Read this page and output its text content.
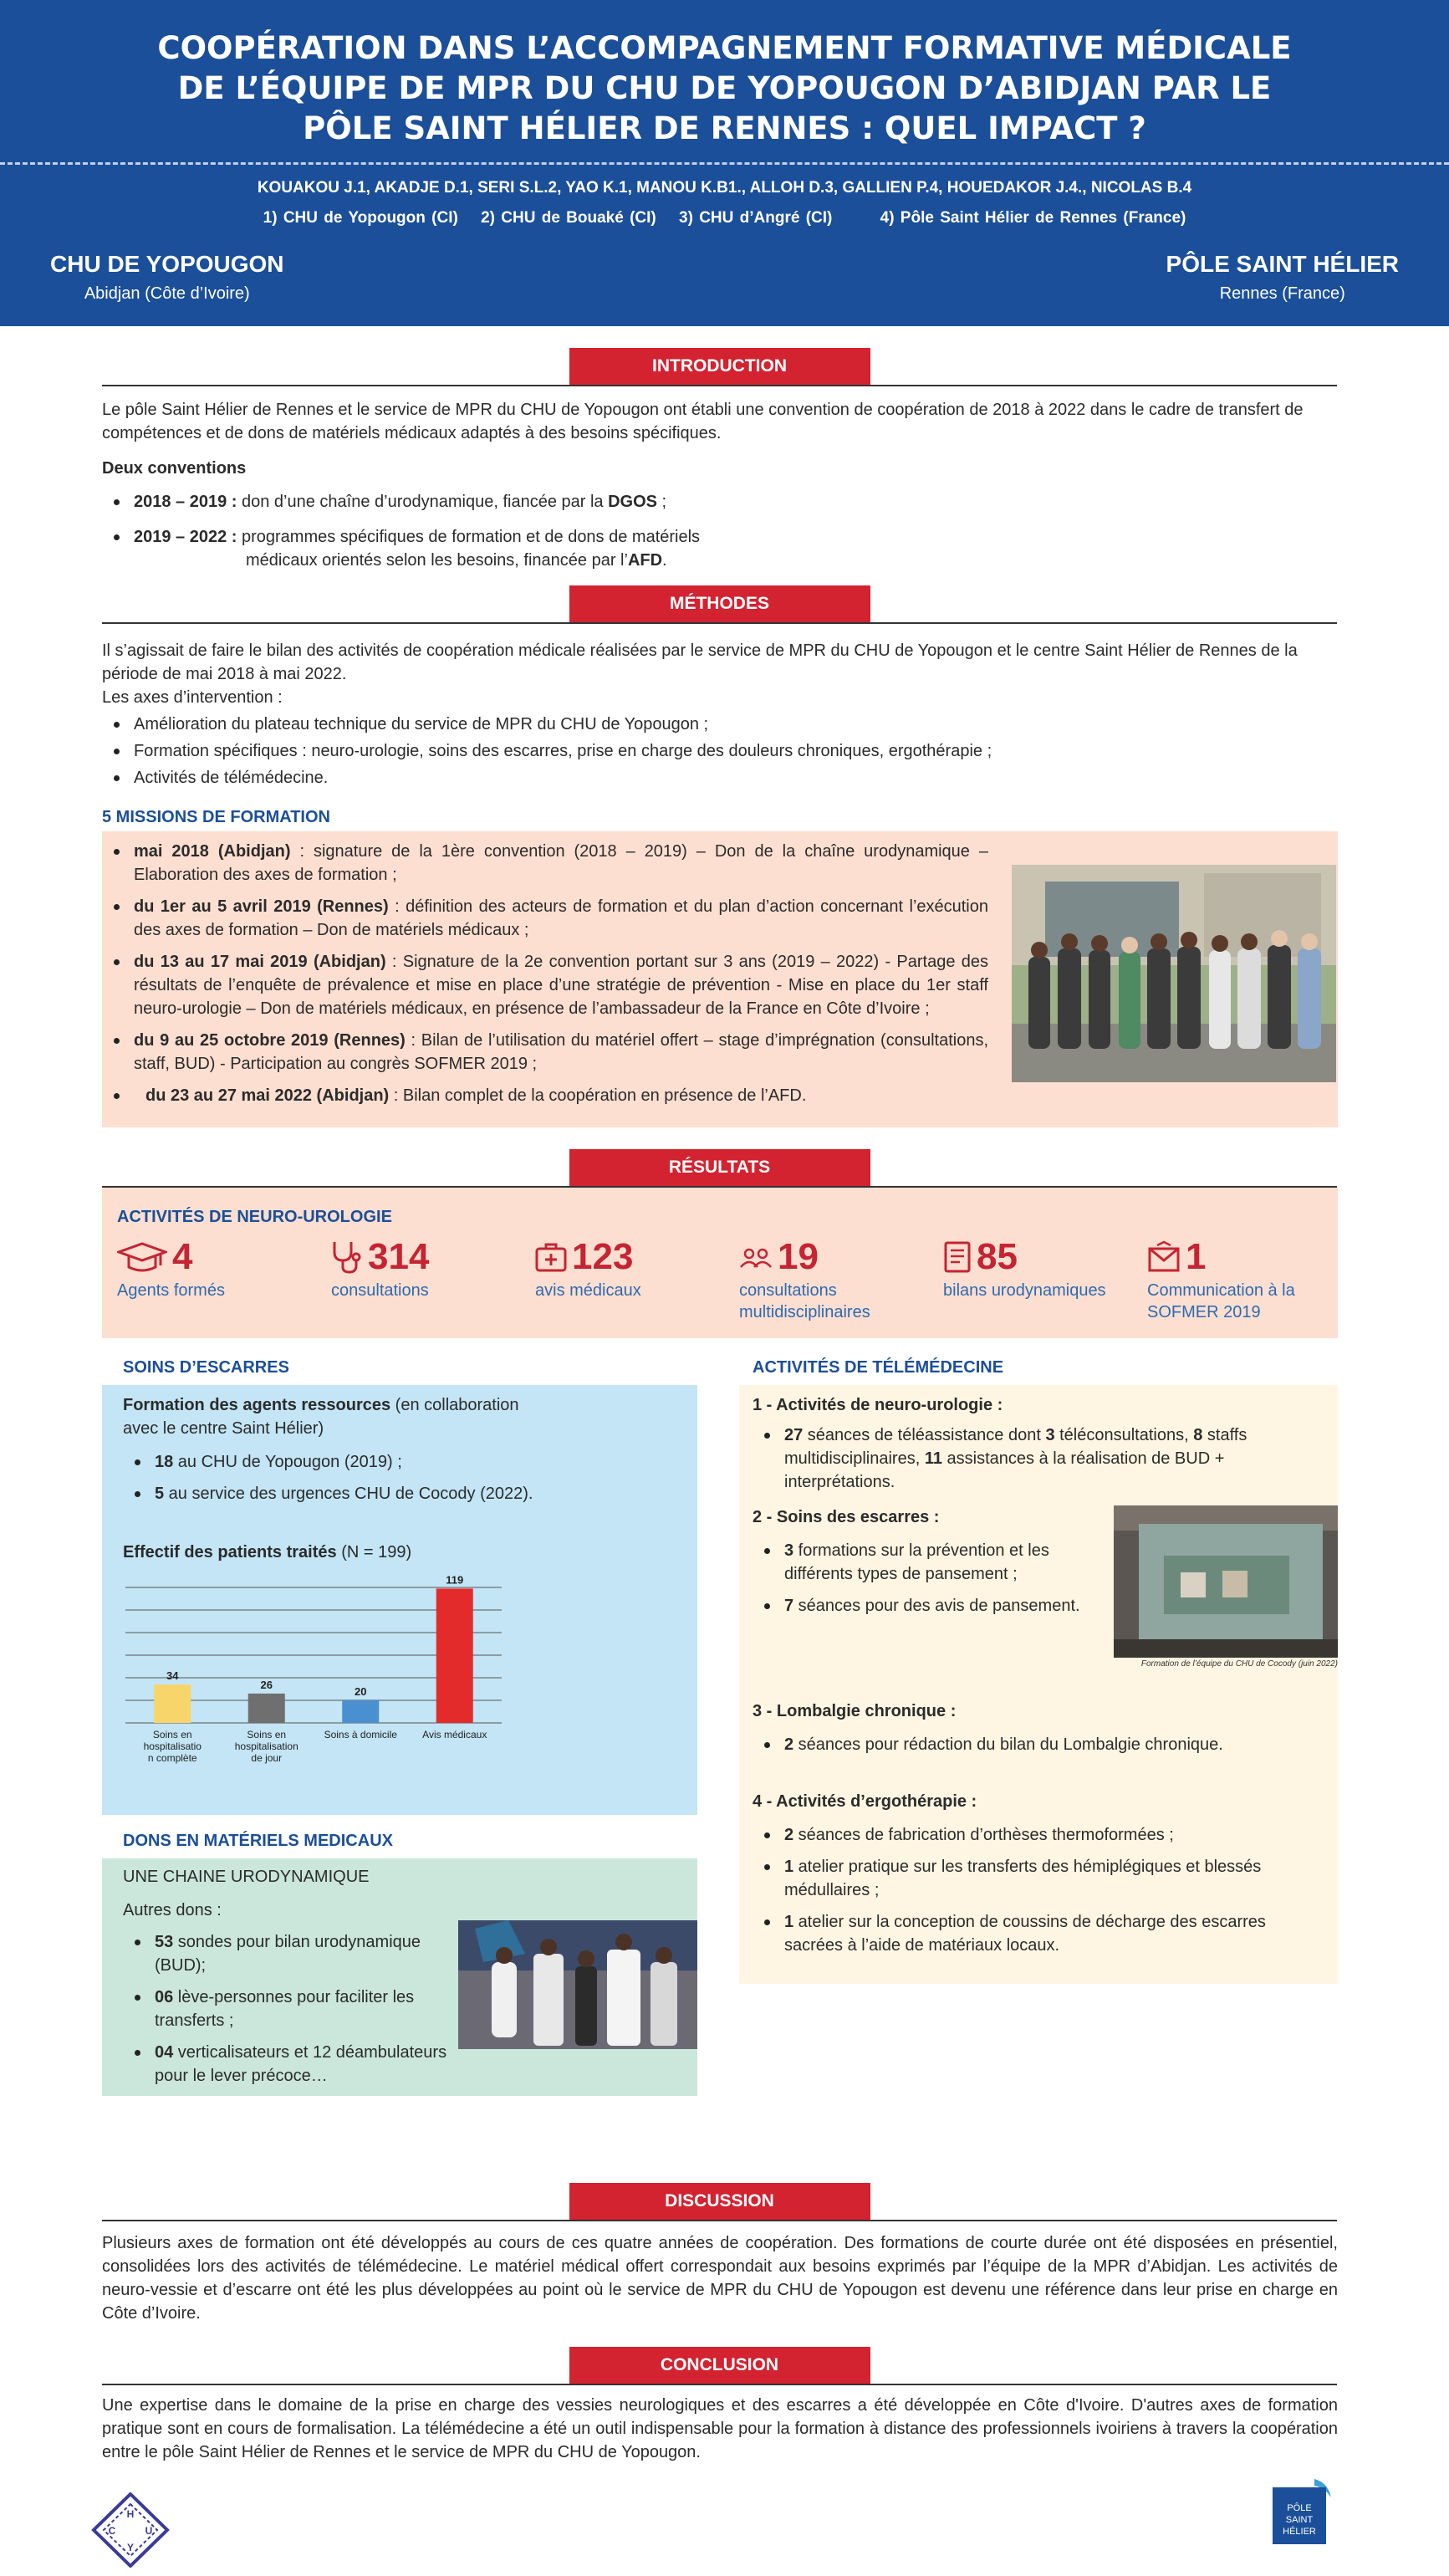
COOPÉRATION DANS L’ACCOMPAGNEMENT FORMATIVE MÉDICALE
DE L’ÉQUIPE DE MPR DU CHU DE YOPOUGON D’ABIDJAN PAR LE
PÔLE SAINT HÉLIER DE RENNES : QUEL IMPACT ?
KOUAKOU J.1, AKADJE D.1, SERI S.L.2, YAO K.1, MANOU K.B1., ALLOH D.3, GALLIEN P.4, HOUEDAKOR J.4., NICOLAS B.4
1) CHU de Yopougon (CI) 2) CHU de Bouaké (CI) 3) CHU d’Angré (CI)	4) Pôle Saint Hélier de Rennes (France)
CHU DE YOPOUGON
Abidjan (Côte d’Ivoire)
PÔLE SAINT HÉLIER
Rennes (France)
INTRODUCTION
Le pôle Saint Hélier de Rennes et le service de MPR du CHU de Yopougon ont établi une convention de coopération de 2018 à 2022 dans le cadre de transfert de compétences et de dons de matériels médicaux adaptés à des besoins spécifiques.
Deux conventions
2018 – 2019 : don d’une chaîne d’urodynamique, fiancée par la DGOS ;
2019 – 2022 : programmes spécifiques de formation et de dons de matériels
médicaux orientés selon les besoins, financée par l’AFD.
MÉTHODES
Il s’agissait de faire le bilan des activités de coopération médicale réalisées par le service de MPR du CHU de Yopougon et le centre Saint Hélier de Rennes de la période de mai 2018 à mai 2022.
Les axes d’intervention :
Amélioration du plateau technique du service de MPR du CHU de Yopougon ;
Formation spécifiques : neuro-urologie, soins des escarres, prise en charge des douleurs chroniques, ergothérapie ;
Activités de télémédecine.
5 MISSIONS DE FORMATION
mai 2018 (Abidjan) : signature de la 1ère convention (2018 – 2019) – Don de la chaîne urodynamique – Elaboration des axes de formation ;
du 1er au 5 avril 2019 (Rennes) : définition des acteurs de formation et du plan d’action concernant l’exécution des axes de formation – Don de matériels médicaux ;
du 13 au 17 mai 2019 (Abidjan) : Signature de la 2e convention portant sur 3 ans (2019 – 2022) - Partage des résultats de l’enquête de prévalence et mise en place d’une stratégie de prévention - Mise en place du 1er staff neuro-urologie – Don de matériels médicaux, en présence de l’ambassadeur de la France en Côte d’Ivoire ;
du 9 au 25 octobre 2019 (Rennes) : Bilan de l’utilisation du matériel offert – stage d’imprégnation (consultations, staff, BUD) - Participation au congrès SOFMER 2019 ;
du 23 au 27 mai 2022 (Abidjan) : Bilan complet de la coopération en présence de l’AFD.
RÉSULTATS
ACTIVITÉS DE NEURO-UROLOGIE
4
Agents formés
314
consultations
123
avis médicaux
19
consultations multidisciplinaires
85
bilans urodynamiques
1
Communication à la SOFMER 2019
SOINS D’ESCARRES
Formation des agents ressources (en collaboration avec le centre Saint Hélier)
18 au CHU de Yopougon (2019) ;
5 au service des urgences CHU de Cocody (2022).
Effectif des patients traités (N = 199)
34
Soins en
hospitalisatio
n complète
26
Soins en
hospitalisation
de jour
20
Soins à domicile
119
Avis médicaux
DONS EN MATÉRIELS MEDICAUX
UNE CHAINE URODYNAMIQUE
Autres dons :
53 sondes pour bilan urodynamique (BUD);
06 lève-personnes pour faciliter les transferts ;
04 verticalisateurs et 12 déambulateurs pour le lever précoce…
ACTIVITÉS DE TÉLÉMÉDECINE
1 - Activités de neuro-urologie :
27 séances de téléassistance dont 3 téléconsultations, 8 staffs multidisciplinaires, 11 assistances à la réalisation de BUD + interprétations.
2 - Soins des escarres :
3 formations sur la prévention et les différents types de pansement ;
7 séances pour des avis de pansement.
Formation de l’équipe du CHU de Cocody (juin 2022)
3 - Lombalgie chronique :
2 séances pour rédaction du bilan du Lombalgie chronique.
4 - Activités d’ergothérapie :
2 séances de fabrication d’orthèses thermoformées ;
1 atelier pratique sur les transferts des hémiplégiques et blessés médullaires ;
1 atelier sur la conception de coussins de décharge des escarres sacrées à l’aide de matériaux locaux.
DISCUSSION
Plusieurs axes de formation ont été développés au cours de ces quatre années de coopération. Des formations de courte durée ont été disposées en présentiel, consolidées lors des activités de télémédecine. Le matériel médical offert correspondait aux besoins exprimés par l’équipe de la MPR d’Abidjan. Les activités de neuro-vessie et d’escarre ont été les plus développées au point où le service de MPR du CHU de Yopougon est devenu une référence dans leur prise en charge en Côte d’Ivoire.
CONCLUSION
Une expertise dans le domaine de la prise en charge des vessies neurologiques et des escarres a été développée en Côte d'Ivoire. D'autres axes de formation pratique sont en cours de formalisation. La télémédecine a été un outil indispensable pour la formation à distance des professionnels ivoiriens à travers la coopération entre le pôle Saint Hélier de Rennes et le service de MPR du CHU de Yopougon.
H
U
Y
C
PÔLE
SAINT
HÉLIER
